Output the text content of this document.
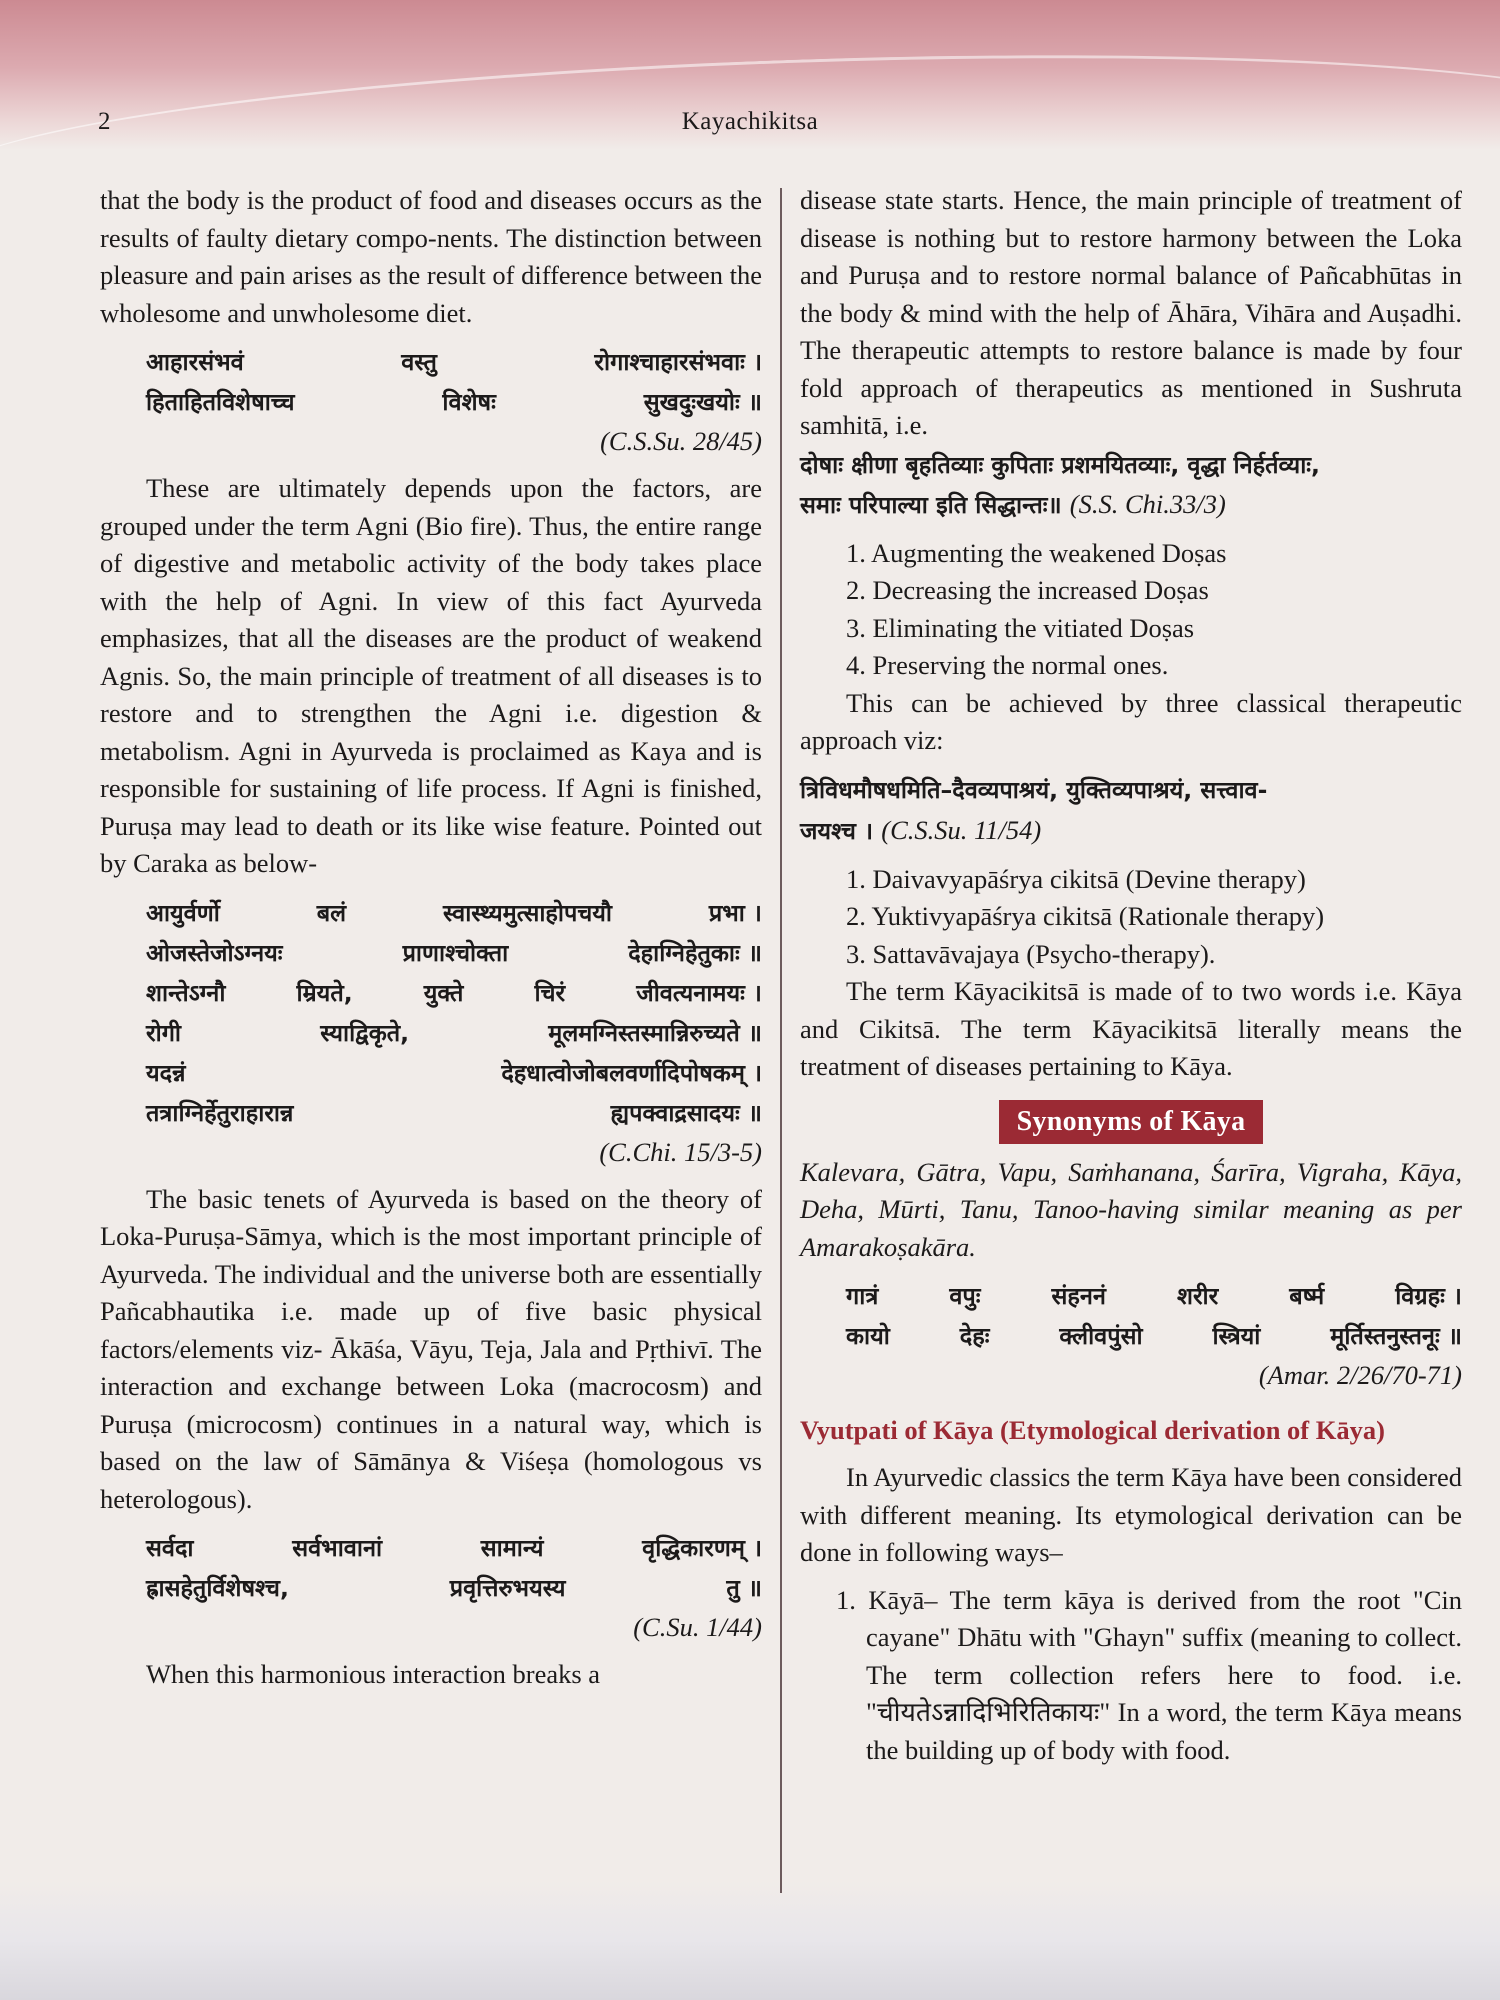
2	Kayachikitsa

that the body is the product of food and diseases occurs as the results of faulty dietary compo-nents. The distinction between pleasure and pain arises as the result of difference between the wholesome and unwholesome diet.

आहारसंभवं	वस्तु	रोगाश्चाहारसंभवाः ।
हिताहितविशेषाच्च	विशेषः	सुखदुःखयोः ॥
(C.S.Su. 28/45)

These are ultimately depends upon the factors, are grouped under the term Agni (Bio fire). Thus, the entire range of digestive and metabolic activity of the body takes place with the help of Agni. In view of this fact Ayurveda emphasizes, that all the diseases are the product of weakend Agnis. So, the main principle of treatment of all diseases is to restore and to strengthen the Agni i.e. digestion & metabolism. Agni in Ayurveda is proclaimed as Kaya and is responsible for sustaining of life process. If Agni is finished, Puruṣa may lead to death or its like wise feature. Pointed out by Caraka as below-

आयुर्वर्णो	बलं	स्वास्थ्यमुत्साहोपचयौ	प्रभा ।
ओजस्तेजोऽग्नयः	प्राणाश्चोक्ता	देहाग्निहेतुकाः ॥
शान्तेऽग्नौ	म्रियते,	युक्ते	चिरं	जीवत्यनामयः ।
रोगी	स्याद्विकृते,	मूलमग्निस्तस्मान्निरुच्यते ॥
यदन्नं	देहधात्वोजोबलवर्णादिपोषकम् ।
तत्राग्निर्हेतुराहारान्न	ह्यपक्वाद्रसादयः ॥
(C.Chi. 15/3-5)

The basic tenets of Ayurveda is based on the theory of Loka-Puruṣa-Sāmya, which is the most important principle of Ayurveda. The individual and the universe both are essentially Pañcabhautika i.e. made up of five basic physical factors/elements viz- Ākāśa, Vāyu, Teja, Jala and Pṛthivī. The interaction and exchange between Loka (macrocosm) and Puruṣa (microcosm) continues in a natural way, which is based on the law of Sāmānya & Viśeṣa (homologous vs heterologous).

सर्वदा	सर्वभावानां	सामान्यं	वृद्धिकारणम् ।
ह्रासहेतुर्विशेषश्च,	प्रवृत्तिरुभयस्य	तु ॥
(C.Su. 1/44)

When this harmonious interaction breaks a

disease state starts. Hence, the main principle of treatment of disease is nothing but to restore harmony between the Loka and Puruṣa and to restore normal balance of Pañcabhūtas in the body & mind with the help of Āhāra, Vihāra and Auṣadhi. The therapeutic attempts to restore balance is made by four fold approach of therapeutics as mentioned in Sushruta samhitā, i.e.

दोषाः क्षीणा बृहतिव्याः कुपिताः प्रशमयितव्याः, वृद्धा निर्हर्तव्याः,
समाः परिपाल्या इति सिद्धान्तः॥ (S.S. Chi.33/3)
1. Augmenting the weakened Doṣas
2. Decreasing the increased Doṣas
3. Eliminating the vitiated Doṣas
4. Preserving the normal ones.

This can be achieved by three classical therapeutic approach viz:

त्रिविधमौषधमिति–दैवव्यपाश्रयं, युक्तिव्यपाश्रयं, सत्त्वाव-
जयश्च । (C.S.Su. 11/54)
1. Daivavyapāśrya cikitsā (Devine therapy)
2. Yuktivyapāśrya cikitsā (Rationale therapy)
3. Sattavāvajaya (Psycho-therapy).

The term Kāyacikitsā is made of to two words i.e. Kāya and Cikitsā. The term Kāyacikitsā literally means the treatment of diseases pertaining to Kāya.

Synonyms of Kāya

Kalevara, Gātra, Vapu, Saṁhanana, Śarīra, Vigraha, Kāya, Deha, Mūrti, Tanu, Tanoo-having similar meaning as per Amarakoṣakāra.

गात्रं	वपुः	संहननं	शरीर	बर्ष्म	विग्रहः ।
कायो	देहः	क्लीवपुंसो	स्त्रियां	मूर्तिस्तनुस्तनूः ॥
(Amar. 2/26/70-71)
Vyutpati of Kāya (Etymological derivation of Kāya)

In Ayurvedic classics the term Kāya have been considered with different meaning. Its etymological derivation can be done in following ways–

1. Kāyā– The term kāya is derived from the root "Cin cayane" Dhātu with "Ghayn" suffix (meaning to collect. The term collection refers here to food. i.e. "चीयतेऽन्नादिभिरितिकायः" In a word, the term Kāya means the building up of body with food.
